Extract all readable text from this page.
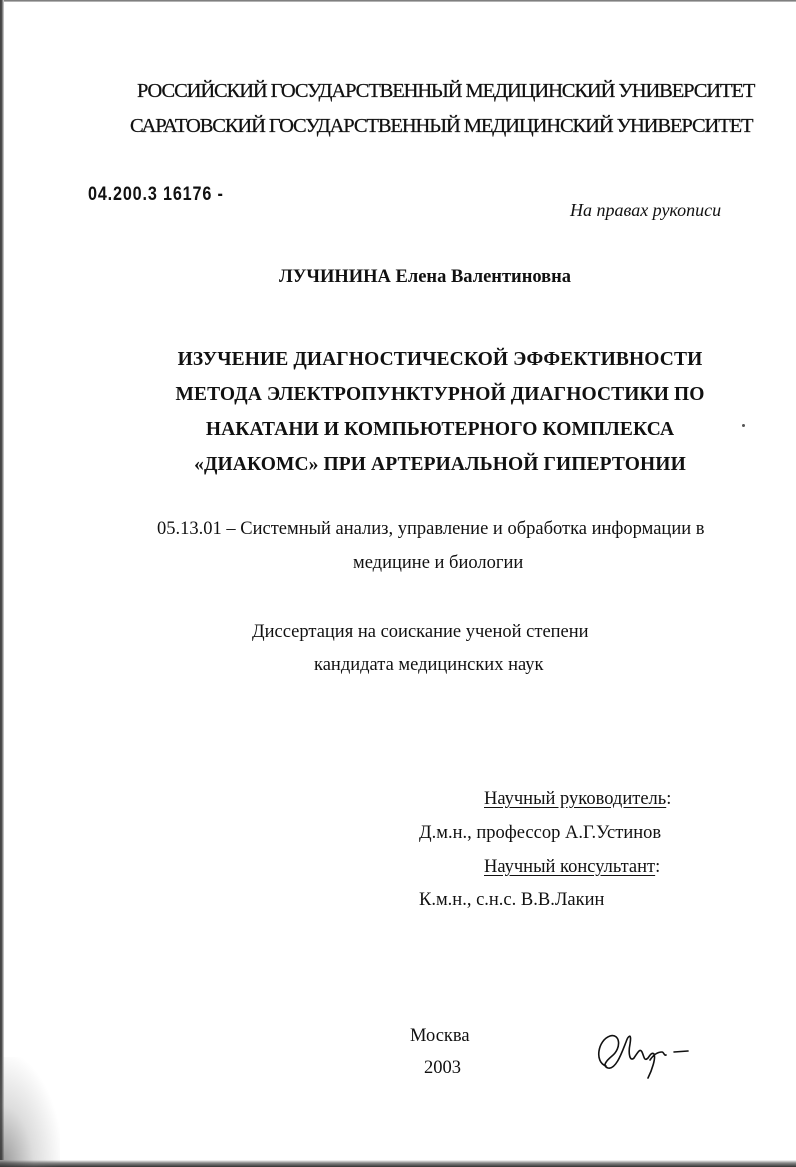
РОССИЙСКИЙ ГОСУДАРСТВЕННЫЙ МЕДИЦИНСКИЙ УНИВЕРСИТЕТ
САРАТОВСКИЙ ГОСУДАРСТВЕННЫЙ МЕДИЦИНСКИЙ УНИВЕРСИТЕТ
04.200.3 16176 -
На правах рукописи
ЛУЧИНИНА Елена Валентиновна
ИЗУЧЕНИЕ ДИАГНОСТИЧЕСКОЙ ЭФФЕКТИВНОСТИ
МЕТОДА ЭЛЕКТРОПУНКТУРНОЙ ДИАГНОСТИКИ ПО
НАКАТАНИ И КОМПЬЮТЕРНОГО КОМПЛЕКСА
«ДИАКОМС» ПРИ АРТЕРИАЛЬНОЙ ГИПЕРТОНИИ
05.13.01 – Системный анализ, управление и обработка информации в
медицине и биологии
Диссертация на соискание ученой степени
кандидата медицинских наук
Научный руководитель:
Д.м.н., профессор А.Г.Устинов
Научный консультант:
К.м.н., с.н.с. В.В.Лакин
Москва
2003
